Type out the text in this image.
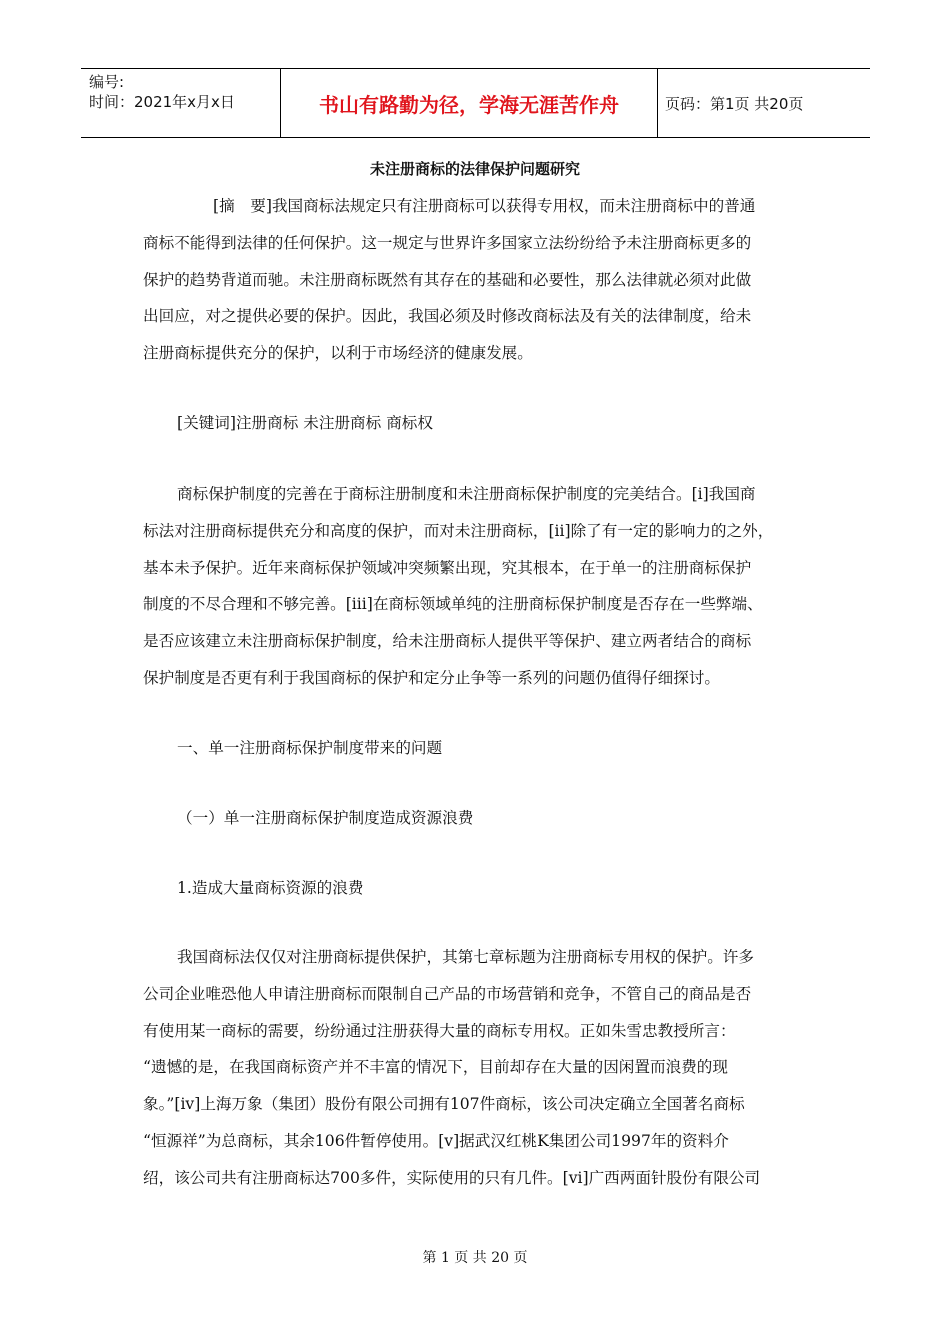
编号:
时间：2021年x月x日	书山有路勤为径，学海无涯苦作舟	页码：第1页 共20页
未注册商标的法律保护问题研究
[摘　要]我国商标法规定只有注册商标可以获得专用权，而未注册商标中的普通
商标不能得到法律的任何保护。这一规定与世界许多国家立法纷纷给予未注册商标更多的
保护的趋势背道而驰。未注册商标既然有其存在的基础和必要性，那么法律就必须对此做
出回应，对之提供必要的保护。因此，我国必须及时修改商标法及有关的法律制度，给未
注册商标提供充分的保护，以利于市场经济的健康发展。
[关键词]注册商标 未注册商标 商标权
商标保护制度的完善在于商标注册制度和未注册商标保护制度的完美结合。[i]我国商
标法对注册商标提供充分和高度的保护，而对未注册商标，[ii]除了有一定的影响力的之外，
基本未予保护。近年来商标保护领域冲突频繁出现，究其根本，在于单一的注册商标保护
制度的不尽合理和不够完善。[iii]在商标领域单纯的注册商标保护制度是否存在一些弊端、
是否应该建立未注册商标保护制度，给未注册商标人提供平等保护、建立两者结合的商标
保护制度是否更有利于我国商标的保护和定分止争等一系列的问题仍值得仔细探讨。
一、单一注册商标保护制度带来的问题
（一）单一注册商标保护制度造成资源浪费
1.造成大量商标资源的浪费
我国商标法仅仅对注册商标提供保护，其第七章标题为注册商标专用权的保护。许多
公司企业唯恐他人申请注册商标而限制自己产品的市场营销和竞争，不管自己的商品是否
有使用某一商标的需要，纷纷通过注册获得大量的商标专用权。正如朱雪忠教授所言：
“遗憾的是，在我国商标资产并不丰富的情况下，目前却存在大量的因闲置而浪费的现
象。”[iv]上海万象（集团）股份有限公司拥有107件商标，该公司决定确立全国著名商标
“恒源祥”为总商标，其余106件暂停使用。[v]据武汉红桃K集团公司1997年的资料介
绍，该公司共有注册商标达700多件，实际使用的只有几件。[vi]广西两面针股份有限公司
第 1 页 共 20 页
